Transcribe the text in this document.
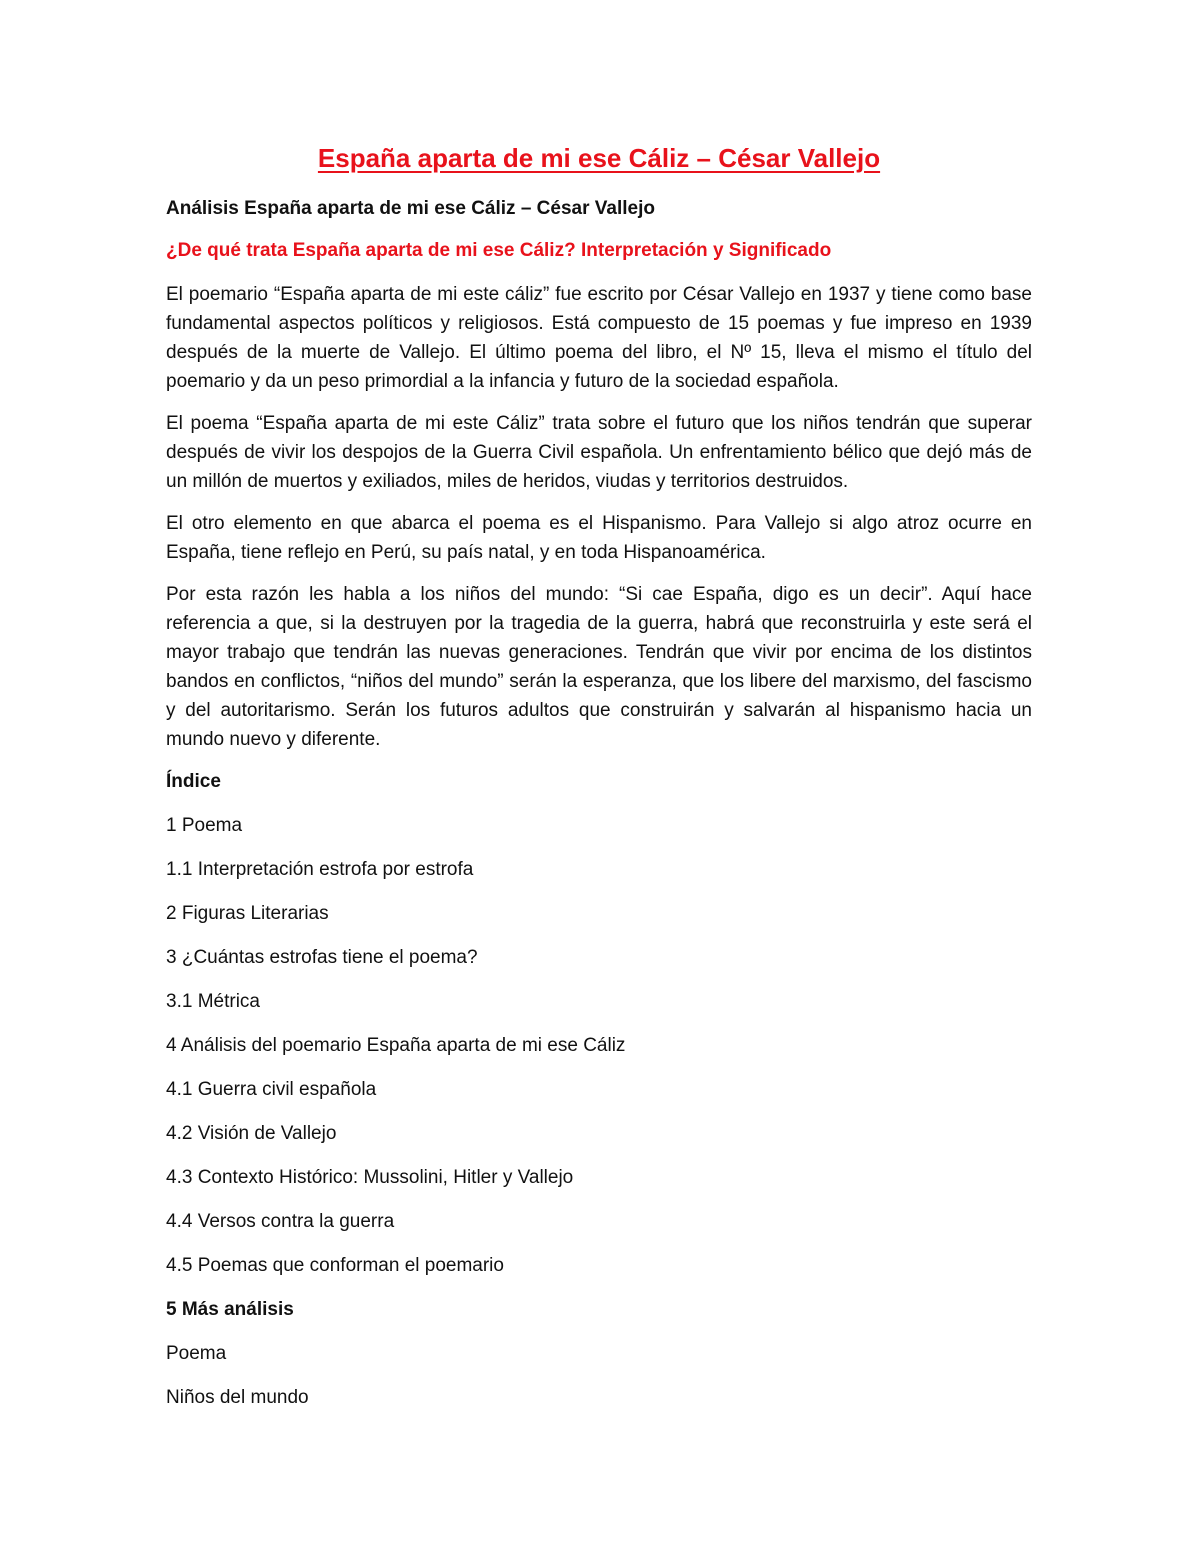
España aparta de mi ese Cáliz – César Vallejo
Análisis España aparta de mi ese Cáliz – César Vallejo
¿De qué trata España aparta de mi ese Cáliz? Interpretación y Significado

El poemario “España aparta de mi este cáliz” fue escrito por César Vallejo en 1937 y tiene como base fundamental aspectos políticos y religiosos. Está compuesto de 15 poemas y fue impreso en 1939 después de la muerte de Vallejo. El último poema del libro, el Nº 15, lleva el mismo el título del poemario y da un peso primordial a la infancia y futuro de la sociedad española.

El poema “España aparta de mi este Cáliz” trata sobre el futuro que los niños tendrán que superar después de vivir los despojos de la Guerra Civil española. Un enfrentamiento bélico que dejó más de un millón de muertos y exiliados, miles de heridos, viudas y territorios destruidos.

El otro elemento en que abarca el poema es el Hispanismo. Para Vallejo si algo atroz ocurre en España, tiene reflejo en Perú, su país natal, y en toda Hispanoamérica.

Por esta razón les habla a los niños del mundo: “Si cae España, digo es un decir”. Aquí hace referencia a que, si la destruyen por la tragedia de la guerra, habrá que reconstruirla y este será el mayor trabajo que tendrán las nuevas generaciones. Tendrán que vivir por encima de los distintos bandos en conflictos, “niños del mundo” serán la esperanza, que los libere del marxismo, del fascismo y del autoritarismo. Serán los futuros adultos que construirán y salvarán al hispanismo hacia un mundo nuevo y diferente.

Índice
1 Poema
1.1 Interpretación estrofa por estrofa
2 Figuras Literarias
3 ¿Cuántas estrofas tiene el poema?
3.1 Métrica
4 Análisis del poemario España aparta de mi ese Cáliz
4.1 Guerra civil española
4.2 Visión de Vallejo
4.3 Contexto Histórico: Mussolini, Hitler y Vallejo
4.4 Versos contra la guerra
4.5 Poemas que conforman el poemario
5 Más análisis
Poema
Niños del mundo
